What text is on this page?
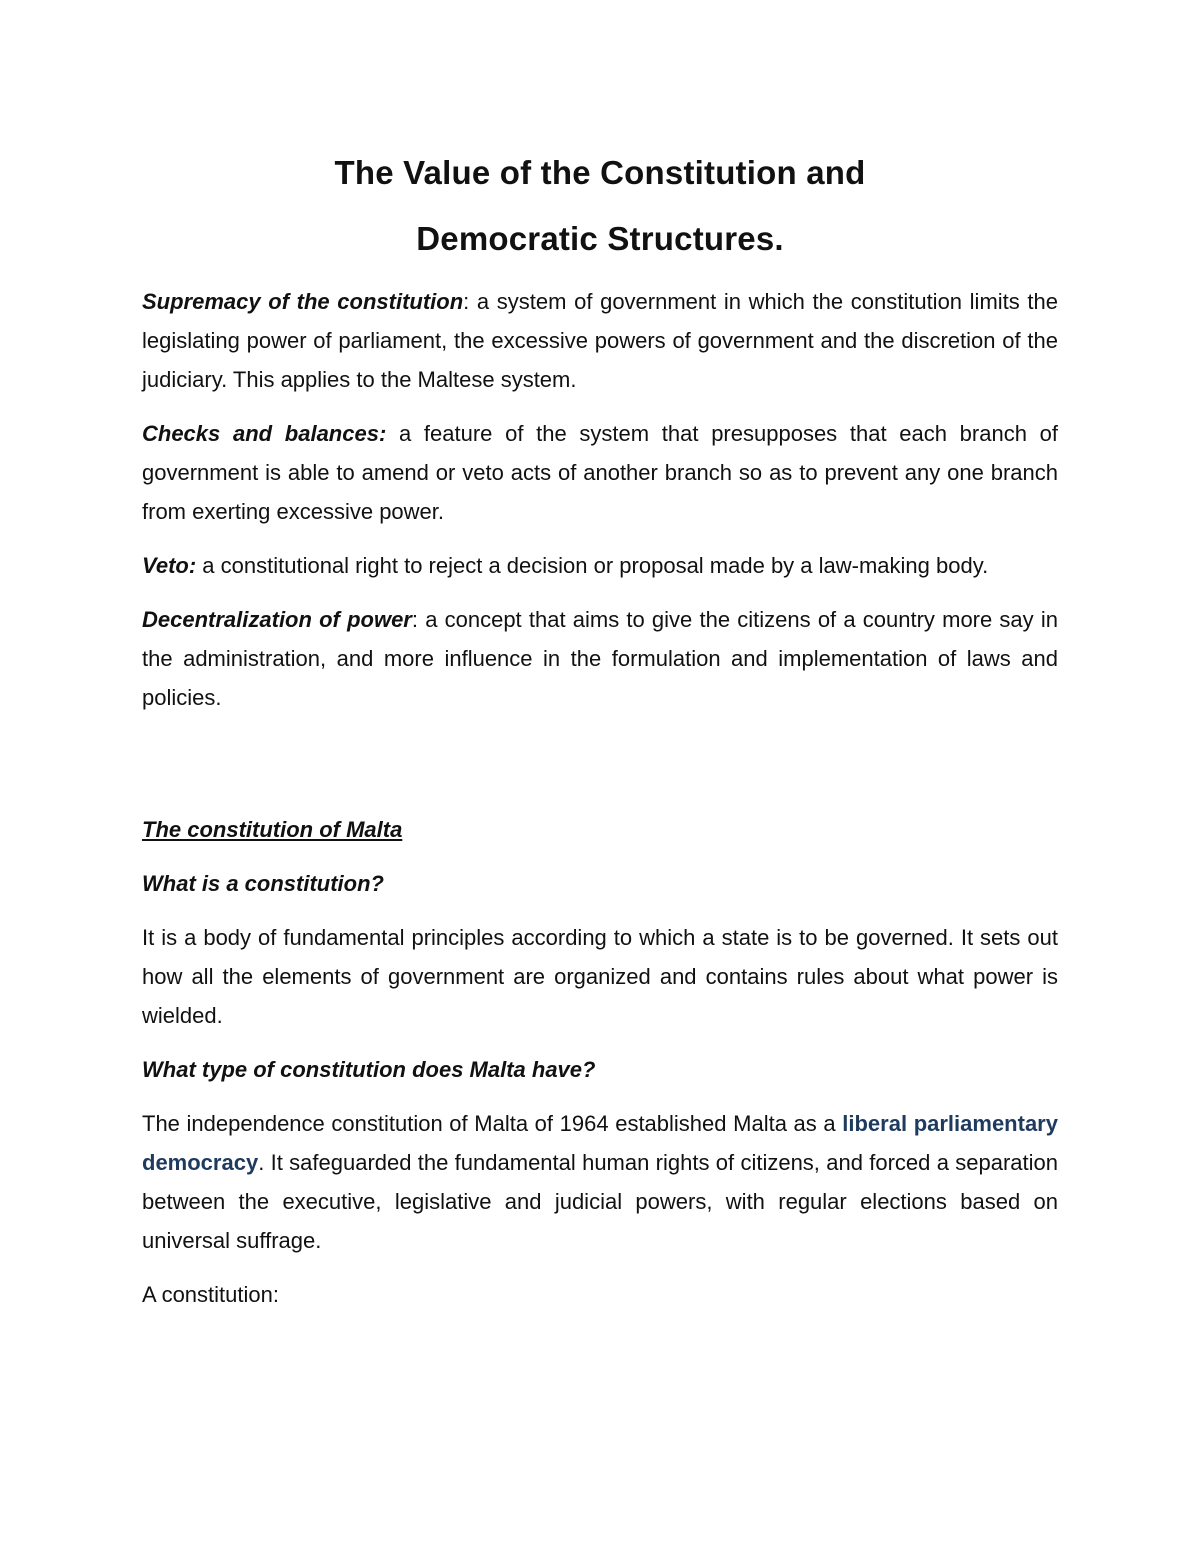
The Value of the Constitution and
Democratic Structures.

Supremacy of the constitution: a system of government in which the constitution limits the legislating power of parliament, the excessive powers of government and the discretion of the judiciary. This applies to the Maltese system.

Checks and balances: a feature of the system that presupposes that each branch of government is able to amend or veto acts of another branch so as to prevent any one branch from exerting excessive power.

Veto: a constitutional right to reject a decision or proposal made by a law-making body.

Decentralization of power: a concept that aims to give the citizens of a country more say in the administration, and more influence in the formulation and implementation of laws and policies.

The constitution of Malta

What is a constitution?

It is a body of fundamental principles according to which a state is to be governed. It sets out how all the elements of government are organized and contains rules about what power is wielded.

What type of constitution does Malta have?

The independence constitution of Malta of 1964 established Malta as a liberal parliamentary democracy. It safeguarded the fundamental human rights of citizens, and forced a separation between the executive, legislative and judicial powers, with regular elections based on universal suffrage.

A constitution:
